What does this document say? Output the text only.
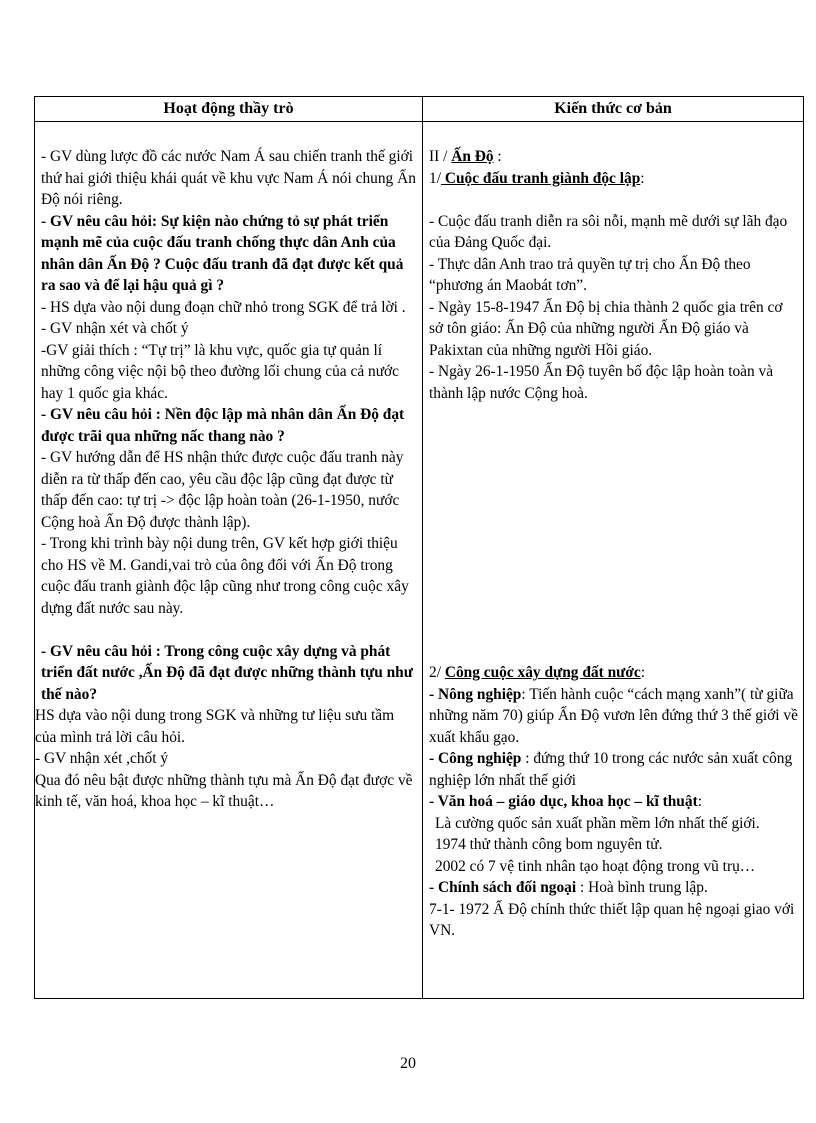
Hoạt động thầy trò	Kiến thức cơ bản

- GV dùng lược đồ các nước Nam Á sau chiến tranh thế giới thứ hai giới thiệu khái quát về khu vực Nam Á nói chung Ấn Độ nói riêng.

- GV nêu câu hỏi: Sự kiện nào chứng tỏ sự phát triển mạnh mẽ của cuộc đấu tranh chống thực dân Anh của nhân dân Ấn Độ ? Cuộc đấu tranh đã đạt được kết quả ra sao và để lại hậu quả gì ?

- HS dựa vào nội dung đoạn chữ nhỏ trong SGK để trả lời .

- GV nhận xét và chốt ý

-GV giải thích : “Tự trị” là khu vực, quốc gia tự quản lí những công việc nội bộ theo đường lối chung của cả nước hay 1 quốc gia khác.

- GV nêu câu hỏi : Nền độc lập mà nhân dân Ấn Độ đạt được trãi qua những nấc thang nào ?

- GV hướng dẫn để HS nhận thức được cuộc đấu tranh này diễn ra từ thấp đến cao, yêu cầu độc lập cũng đạt được từ thấp đến cao: tự trị -> độc lập hoàn toàn (26-1-1950, nước Cộng hoà Ấn Độ được thành lập).

- Trong khi trình bày nội dung trên, GV kết hợp giới thiệu cho HS về M. Gandi,vai trò của ông đối với Ấn Độ trong cuộc đấu tranh giành độc lập cũng như trong công cuộc xây dựng đất nước sau này.

- GV nêu câu hỏi : Trong công cuộc xây dựng và phát triển đất nước ,Ấn Độ đã đạt được những thành tựu như thế nào?

HS dựa vào nội dung trong SGK và những tư liệu sưu tầm của mình trả lời câu hỏi.

- GV nhận xét ,chốt ý

Qua đó nêu bật được những thành tựu mà Ấn Độ đạt được về kinh tế, văn hoá, khoa học – kĩ thuật…

II / Ấn Độ :

1/ Cuộc đấu tranh giành độc lập:

- Cuộc đấu tranh diễn ra sôi nỗi, mạnh mẽ dưới sự lãh đạo của Đảng Quốc đại.

- Thực dân Anh trao trả quyền tự trị cho Ấn Độ theo “phương án Maobát tơn”.

- Ngày 15-8-1947 Ấn Độ bị chia thành 2 quốc gia trên cơ sở tôn giáo: Ấn Độ của những người Ấn Độ giáo và Pakixtan của những người Hồi giáo.

- Ngày 26-1-1950 Ấn Độ tuyên bố độc lập hoàn toàn và thành lập nước Cộng hoà.

2/ Công cuộc xây dựng đất nước:

- Nông nghiệp: Tiến hành cuộc “cách mạng xanh”( từ giữa những năm 70) giúp Ấn Độ vươn lên đứng thứ 3 thế giới về xuất khẩu gạo.

- Công nghiệp : đứng thứ 10 trong các nước sản xuất công nghiệp lớn nhất thế giới

- Văn hoá – giáo dục, khoa học – kĩ thuật:

Là cường quốc sản xuất phần mềm lớn nhất thế giới.

1974 thử thành công bom nguyên tử.

2002 có 7 vệ tinh nhân tạo hoạt động trong vũ trụ…

- Chính sách đối ngoại : Hoà bình trung lập.

7-1- 1972 Ấ Độ chính thức thiết lập quan hệ ngoại giao với VN.

20
